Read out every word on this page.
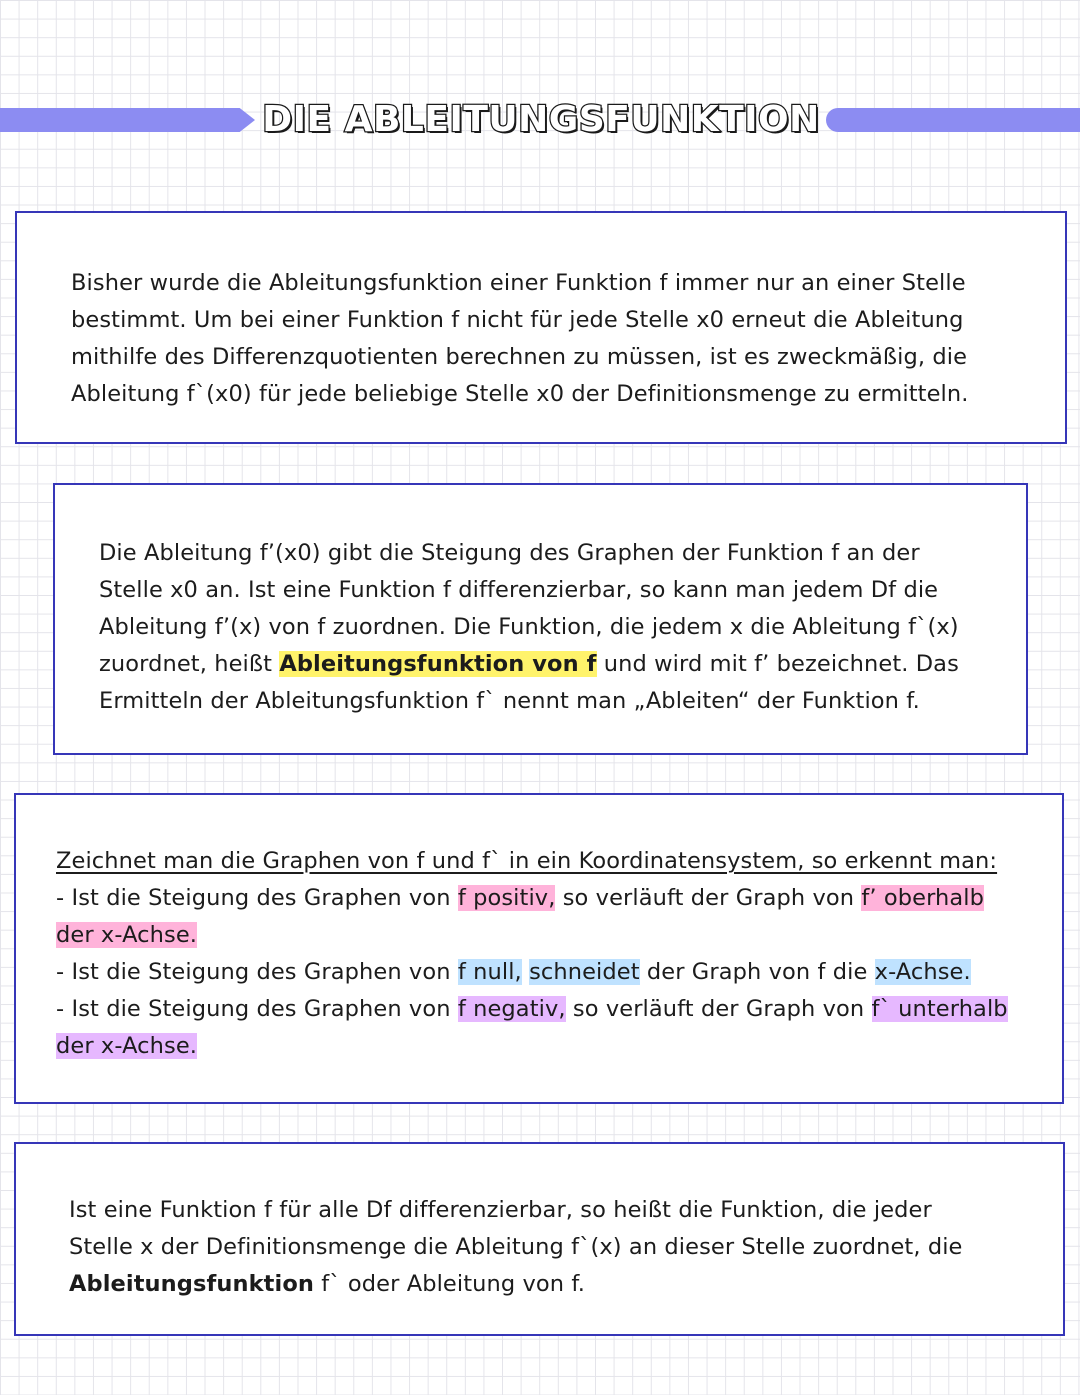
DIE ABLEITUNGSFUNKTION

Bisher wurde die Ableitungsfunktion einer Funktion f immer nur an einer Stelle

bestimmt. Um bei einer Funktion f nicht für jede Stelle x0 erneut die Ableitung

mithilfe des Differenzquotienten berechnen zu müssen, ist es zweckmäßig, die

Ableitung f`(x0) für jede beliebige Stelle x0 der Definitionsmenge zu ermitteln.

Die Ableitung f’(x0) gibt die Steigung des Graphen der Funktion f an der

Stelle x0 an. Ist eine Funktion f differenzierbar, so kann man jedem Df die

Ableitung f’(x) von f zuordnen. Die Funktion, die jedem x die Ableitung f`(x)

zuordnet, heißt Ableitungsfunktion von f und wird mit f’ bezeichnet. Das

Ermitteln der Ableitungsfunktion f` nennt man „Ableiten“ der Funktion f.

Zeichnet man die Graphen von f und f` in ein Koordinatensystem, so erkennt man:

- Ist die Steigung des Graphen von f positiv, so verläuft der Graph von f’ oberhalb

der x-Achse.

- Ist die Steigung des Graphen von f null, schneidet der Graph von f die x-Achse.

- Ist die Steigung des Graphen von f negativ, so verläuft der Graph von f` unterhalb

der x-Achse.

Ist eine Funktion f für alle Df differenzierbar, so heißt die Funktion, die jeder

Stelle x der Definitionsmenge die Ableitung f`(x) an dieser Stelle zuordnet, die

Ableitungsfunktion f` oder Ableitung von f.
